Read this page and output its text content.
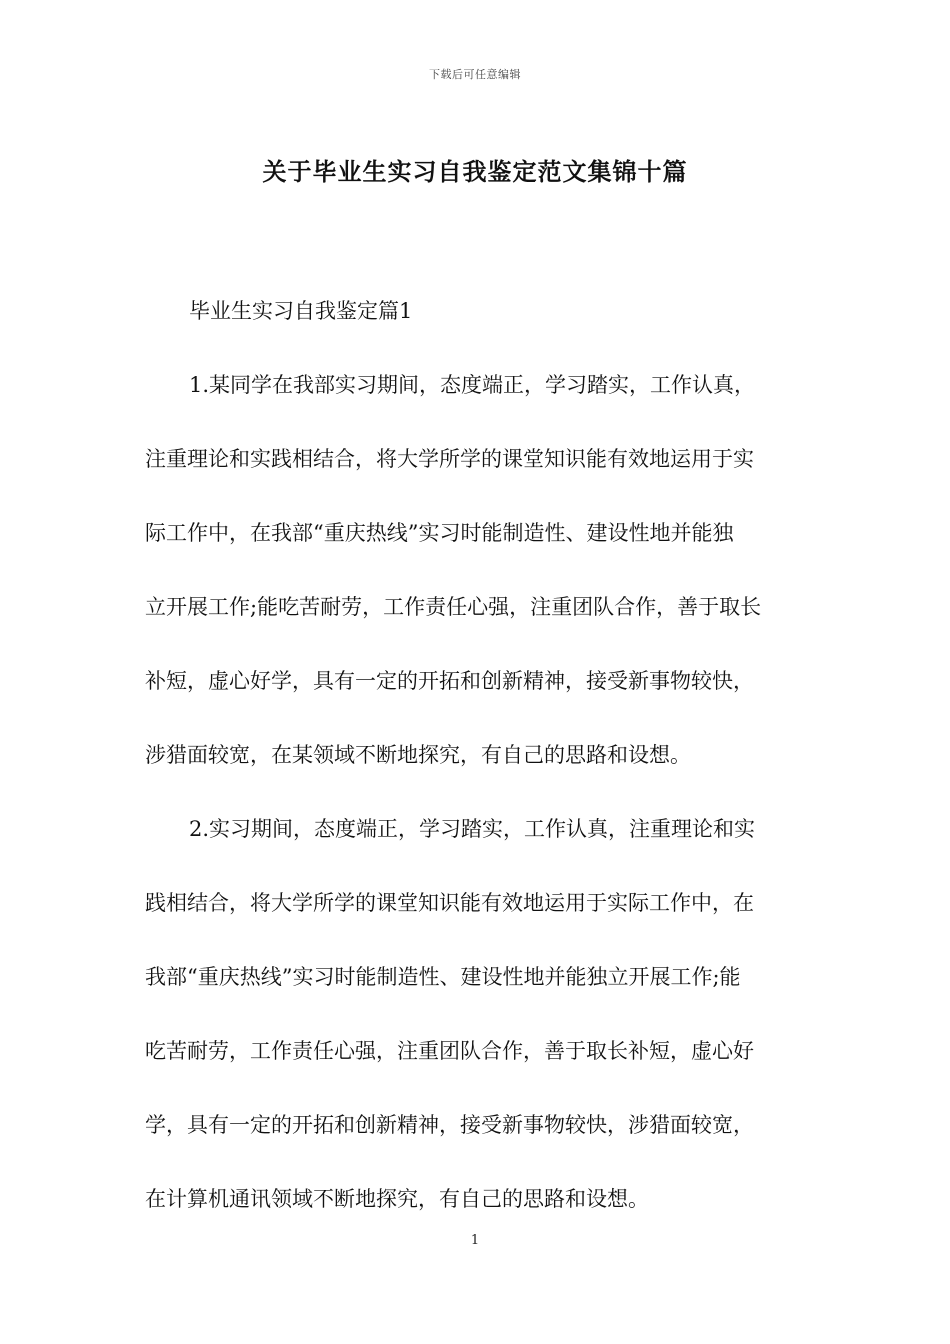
下载后可任意编辑
关于毕业生实习自我鉴定范文集锦十篇
毕业生实习自我鉴定篇1
1.某同学在我部实习期间，态度端正，学习踏实，工作认真，
注重理论和实践相结合，将大学所学的课堂知识能有效地运用于实
际工作中，在我部“重庆热线”实习时能制造性、建设性地并能独
立开展工作;能吃苦耐劳，工作责任心强，注重团队合作，善于取长
补短，虚心好学，具有一定的开拓和创新精神，接受新事物较快，
涉猎面较宽，在某领域不断地探究，有自己的思路和设想。
2.实习期间，态度端正，学习踏实，工作认真，注重理论和实
践相结合，将大学所学的课堂知识能有效地运用于实际工作中，在
我部“重庆热线”实习时能制造性、建设性地并能独立开展工作;能
吃苦耐劳，工作责任心强，注重团队合作，善于取长补短，虚心好
学，具有一定的开拓和创新精神，接受新事物较快，涉猎面较宽，
在计算机通讯领域不断地探究，有自己的思路和设想。
1
